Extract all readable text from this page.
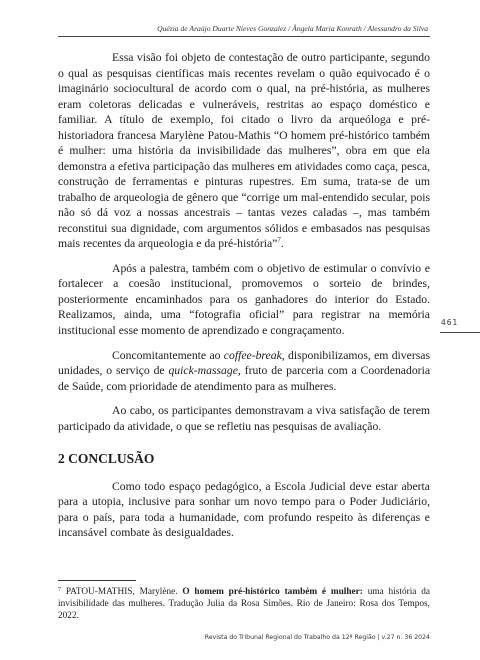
Quézia de Araújo Duarte Nieves Gonzalez / Ângela Maria Konrath / Alessandro da Silva

Essa visão foi objeto de contestação de outro participante, segundo o qual as pesquisas científicas mais recentes revelam o quão equivocado é o imaginário sociocultural de acordo com o qual, na pré-história, as mulheres eram coletoras delicadas e vulneráveis, restritas ao espaço doméstico e familiar. A título de exemplo, foi citado o livro da arqueóloga e pré-historiadora francesa Marylène Patou-Mathis “O homem pré-histórico também é mulher: uma história da invisibilidade das mulheres”, obra em que ela demonstra a efetiva participação das mulheres em atividades como caça, pesca, construção de ferramentas e pinturas rupestres. Em suma, trata-se de um trabalho de arqueologia de gênero que “corrige um mal-entendido secular, pois não só dá voz a nossas ancestrais – tantas vezes caladas –, mas também reconstitui sua dignidade, com argumentos sólidos e embasados nas pesquisas mais recentes da arqueologia e da pré-história”$^7$.

Após a palestra, também com o objetivo de estimular o convívio e fortalecer a coesão institucional, promovemos o sorteio de brindes, posteriormente encaminhados para os ganhadores do interior do Estado. Realizamos, ainda, uma “fotografia oficial” para registrar na memória institucional esse momento de aprendizado e congraçamento.

Concomitantemente ao coffee-break, disponibilizamos, em diversas unidades, o serviço de quick-massage, fruto de parceria com a Coordenadoria de Saúde, com prioridade de atendimento para as mulheres.

Ao cabo, os participantes demonstravam a viva satisfação de terem participado da atividade, o que se refletiu nas pesquisas de avaliação.

2 CONCLUSÃO

Como todo espaço pedagógico, a Escola Judicial deve estar aberta para a utopia, inclusive para sonhar um novo tempo para o Poder Judiciário, para o país, para toda a humanidade, com profundo respeito às diferenças e incansável combate às desigualdades.

461
$^7$ PATOU-MATHIS, Marylène. O homem pré-histórico também é mulher: uma história da invisibilidade das mulheres. Tradução Julia da Rosa Simões. Rio de Janeiro: Rosa dos Tempos, 2022.
Revista do Tribunal Regional do Trabalho da 12ª Região | v.27 n. 36 2024
